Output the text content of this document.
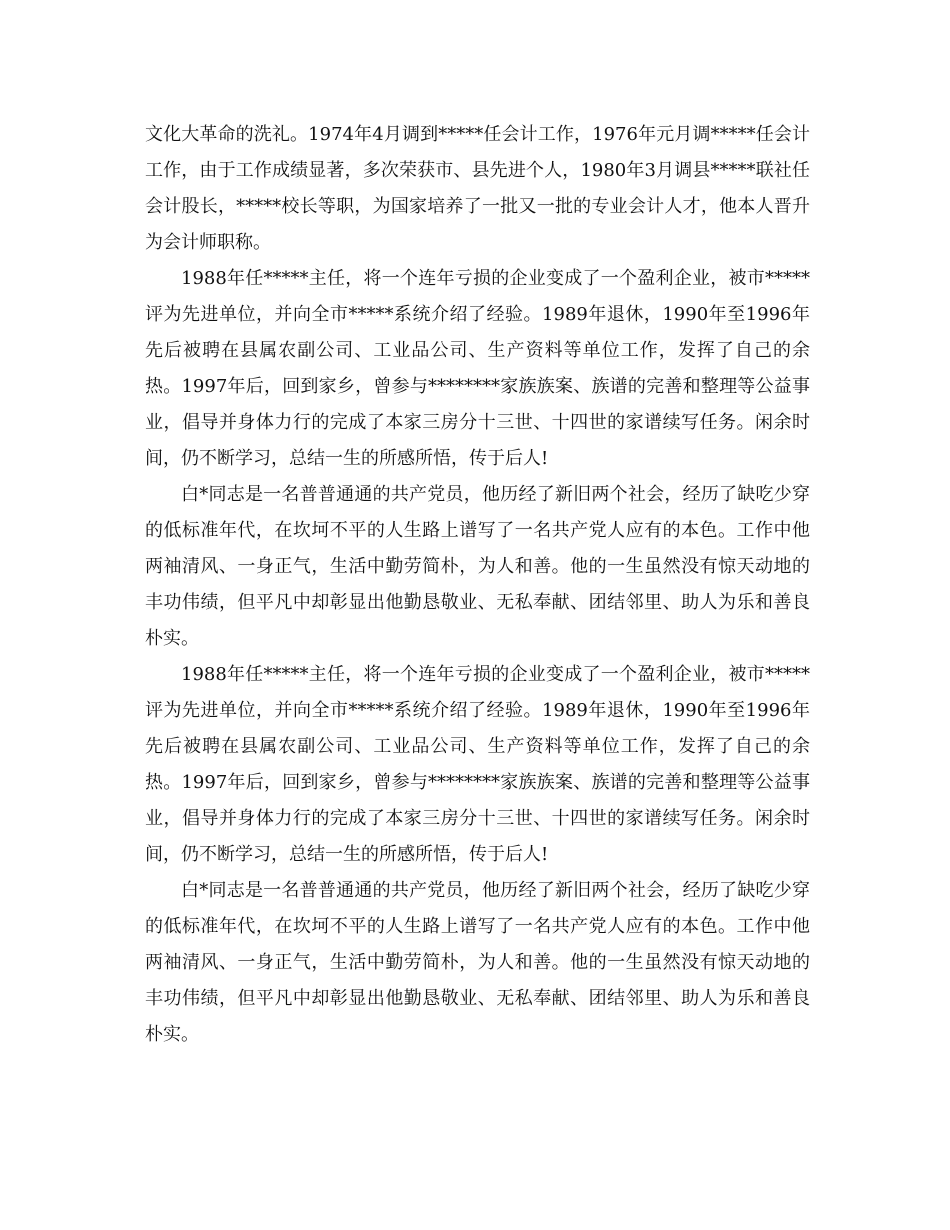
文化大革命的洗礼。1974年4月调到*****任会计工作，1976年元月调*****任会计工作，由于工作成绩显著，多次荣获市、县先进个人，1980年3月调县*****联社任会计股长，*****校长等职，为国家培养了一批又一批的专业会计人才，他本人晋升为会计师职称。

1988年任*****主任，将一个连年亏损的企业变成了一个盈利企业，被市*****评为先进单位，并向全市*****系统介绍了经验。1989年退休，1990年至1996年先后被聘在县属农副公司、工业品公司、生产资料等单位工作，发挥了自己的余热。1997年后，回到家乡，曾参与********家族族案、族谱的完善和整理等公益事业，倡导并身体力行的完成了本家三房分十三世、十四世的家谱续写任务。闲余时间，仍不断学习，总结一生的所感所悟，传于后人!

白*同志是一名普普通通的共产党员，他历经了新旧两个社会，经历了缺吃少穿的低标准年代，在坎坷不平的人生路上谱写了一名共产党人应有的本色。工作中他两袖清风、一身正气，生活中勤劳简朴，为人和善。他的一生虽然没有惊天动地的丰功伟绩，但平凡中却彰显出他勤恳敬业、无私奉献、团结邻里、助人为乐和善良朴实。

1988年任*****主任，将一个连年亏损的企业变成了一个盈利企业，被市*****评为先进单位，并向全市*****系统介绍了经验。1989年退休，1990年至1996年先后被聘在县属农副公司、工业品公司、生产资料等单位工作，发挥了自己的余热。1997年后，回到家乡，曾参与********家族族案、族谱的完善和整理等公益事业，倡导并身体力行的完成了本家三房分十三世、十四世的家谱续写任务。闲余时间，仍不断学习，总结一生的所感所悟，传于后人!

白*同志是一名普普通通的共产党员，他历经了新旧两个社会，经历了缺吃少穿的低标准年代，在坎坷不平的人生路上谱写了一名共产党人应有的本色。工作中他两袖清风、一身正气，生活中勤劳简朴，为人和善。他的一生虽然没有惊天动地的丰功伟绩，但平凡中却彰显出他勤恳敬业、无私奉献、团结邻里、助人为乐和善良朴实。
